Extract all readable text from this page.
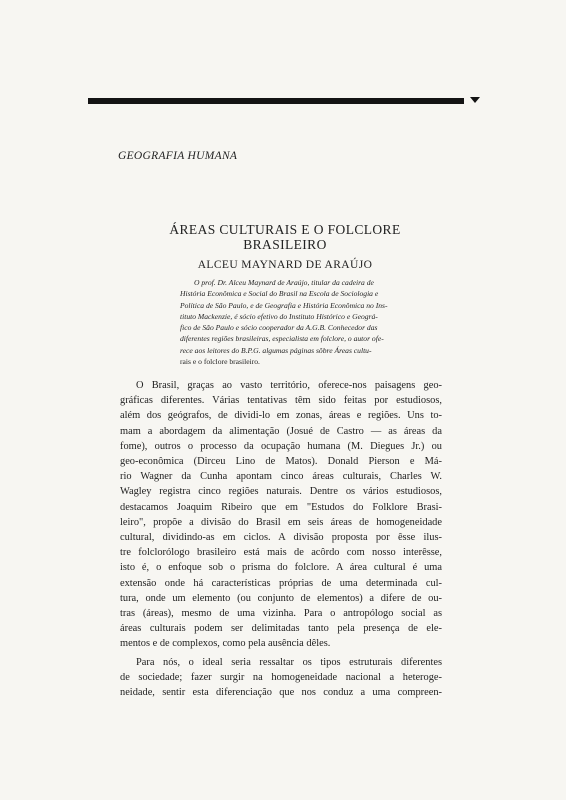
GEOGRAFIA HUMANA
ÁREAS CULTURAIS E O FOLCLORE
BRASILEIRO
ALCEU MAYNARD DE ARAÚJO
O prof. Dr. Alceu Maynard de Araújo, titular da cadeira de
História Econômica e Social do Brasil na Escola de Sociologia e
Política de São Paulo, e de Geografia e História Econômica no Ins-
tituto Mackenzie, é sócio efetivo do Instituto Histórico e Geográ-
fico de São Paulo e sócio cooperador da A.G.B. Conhecedor das
diferentes regiões brasileiras, especialista em folclore, o autor ofe-
rece aos leitores do B.P.G. algumas páginas sôbre Áreas cultu-
rais e o folclore brasileiro.
O Brasil, graças ao vasto território, oferece-nos paisagens geo-
gráficas diferentes. Várias tentativas têm sido feitas por estudiosos,
além dos geógrafos, de dividi-lo em zonas, áreas e regiões. Uns to-
mam a abordagem da alimentação (Josué de Castro — as áreas da
fome), outros o processo da ocupação humana (M. Diegues Jr.) ou
geo-econômica (Dirceu Lino de Matos). Donald Pierson e Má-
rio Wagner da Cunha apontam cinco áreas culturais, Charles W.
Wagley registra cinco regiões naturais. Dentre os vários estudiosos,
destacamos Joaquim Ribeiro que em "Estudos do Folklore Brasi-
leiro", propõe a divisão do Brasil em seis áreas de homogeneidade
cultural, dividindo-as em ciclos. A divisão proposta por êsse ilus-
tre folclorólogo brasileiro está mais de acôrdo com nosso interêsse,
isto é, o enfoque sob o prisma do folclore. A área cultural é uma
extensão onde há características próprias de uma determinada cul-
tura, onde um elemento (ou conjunto de elementos) a difere de ou-
tras (áreas), mesmo de uma vizinha. Para o antropólogo social as
áreas culturais podem ser delimitadas tanto pela presença de ele-
mentos e de complexos, como pela ausência dêles.
Para nós, o ideal seria ressaltar os tipos estruturais diferentes
de sociedade; fazer surgir na homogeneidade nacional a heteroge-
neidade, sentir esta diferenciação que nos conduz a uma compreen-
